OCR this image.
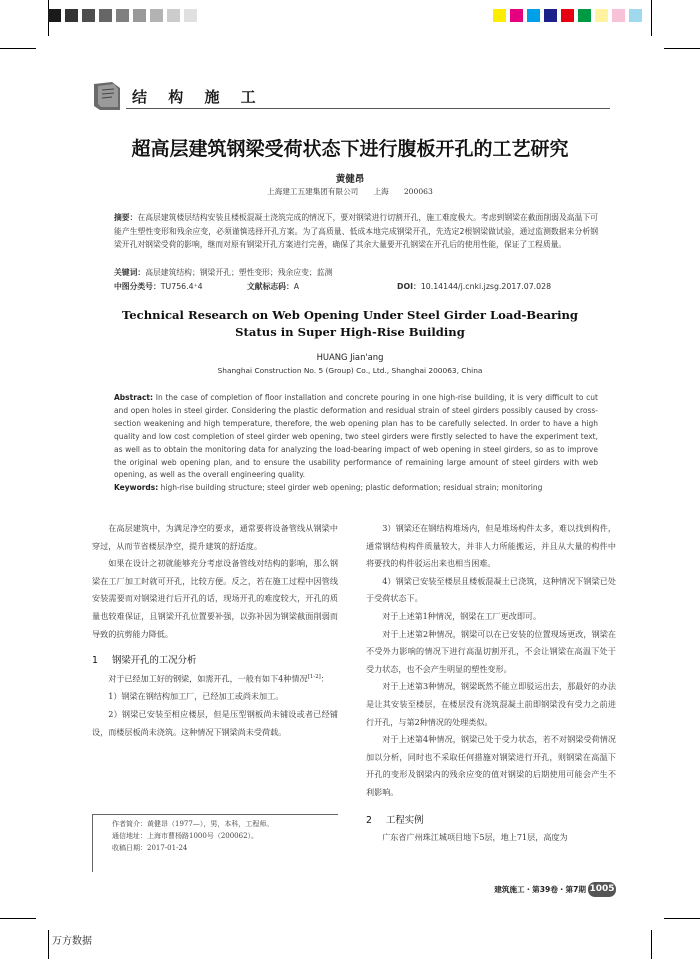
结 构 施 工
超高层建筑钢梁受荷状态下进行腹板开孔的工艺研究
黄健昂
上海建工五建集团有限公司　　上海　　200063
摘要：在高层建筑楼层结构安装且楼板混凝土浇筑完成的情况下，要对钢梁进行切割开孔，施工难度极大。考虑到钢梁在截面削弱及高温下可能产生塑性变形和残余应变，必须谨慎选择开孔方案。为了高质量、低成本地完成钢梁开孔，先选定2根钢梁做试验，通过监测数据来分析钢梁开孔对钢梁受荷的影响，继而对原有钢梁开孔方案进行完善，确保了其余大量要开孔钢梁在开孔后的使用性能，保证了工程质量。
关键词：高层建筑结构；钢梁开孔；塑性变形；残余应变；监测
中图分类号：TU756.4⁺4	文献标志码：A	DOI：10.14144/j.cnki.jzsg.2017.07.028
Technical Research on Web Opening Under Steel Girder Load-Bearing
Status in Super High-Rise Building
HUANG Jian'ang
Shanghai Construction No. 5 (Group) Co., Ltd., Shanghai 200063, China
Abstract: In the case of completion of floor installation and concrete pouring in one high-rise building, it is very difficult to cut and open holes in steel girder. Considering the plastic deformation and residual strain of steel girders possibly caused by cross-section weakening and high temperature, therefore, the web opening plan has to be carefully selected. In order to have a high quality and low cost completion of steel girder web opening, two steel girders were firstly selected to have the experiment text, as well as to obtain the monitoring data for analyzing the load-bearing impact of web opening in steel girders, so as to improve the original web opening plan, and to ensure the usability performance of remaining large amount of steel girders with web opening, as well as the overall engineering quality.
Keywords: high-rise building structure; steel girder web opening; plastic deformation; residual strain; monitoring
在高层建筑中，为满足净空的要求，通常要将设备管线从钢梁中穿过，从而节省楼层净空，提升建筑的舒适度。
如果在设计之初就能够充分考虑设备管线对结构的影响，那么钢梁在工厂加工时就可开孔，比较方便。反之，若在施工过程中因管线安装需要而对钢梁进行后开孔的话，现场开孔的难度较大，开孔的质量也较难保证，且钢梁开孔位置要补强，以弥补因为钢梁截面削弱而导致的抗剪能力降低。
1 钢梁开孔的工况分析
对于已经加工好的钢梁，如需开孔，一般有如下4种情况[1-2]：
1）钢梁在钢结构加工厂，已经加工或尚未加工。
2）钢梁已安装至相应楼层，但是压型钢板尚未铺设或者已经铺设，而楼层板尚未浇筑。这种情况下钢梁尚未受荷载。
作者简介：黄健昂（1977—），男，本科，工程师。
通信地址：上海市曹杨路1000号（200062）。
收稿日期：2017-01-24
3）钢梁还在钢结构堆场内，但是堆场构件太多，难以找到构件，通常钢结构构件质量较大，并非人力所能搬运，并且从大量的构件中将要找的构件驳运出来也相当困难。
4）钢梁已安装至楼层且楼板混凝土已浇筑，这种情况下钢梁已处于受荷状态下。
对于上述第1种情况，钢梁在工厂更改即可。
对于上述第2种情况，钢梁可以在已安装的位置现场更改，钢梁在不受外力影响的情况下进行高温切割开孔，不会让钢梁在高温下处于受力状态，也不会产生明显的塑性变形。
对于上述第3种情况，钢梁既然不能立即驳运出去，那最好的办法是让其安装至楼层，在楼层没有浇筑混凝土前即钢梁没有受力之前进行开孔，与第2种情况的处理类似。
对于上述第4种情况，钢梁已处于受力状态，若不对钢梁受荷情况加以分析，同时也不采取任何措施对钢梁进行开孔，则钢梁在高温下开孔的变形及钢梁内的残余应变的值对钢梁的后期使用可能会产生不利影响。
2 工程实例
广东省广州珠江城项目地下5层，地上71层，高度为
建筑施工・第39卷・第7期 1005
万方数据
